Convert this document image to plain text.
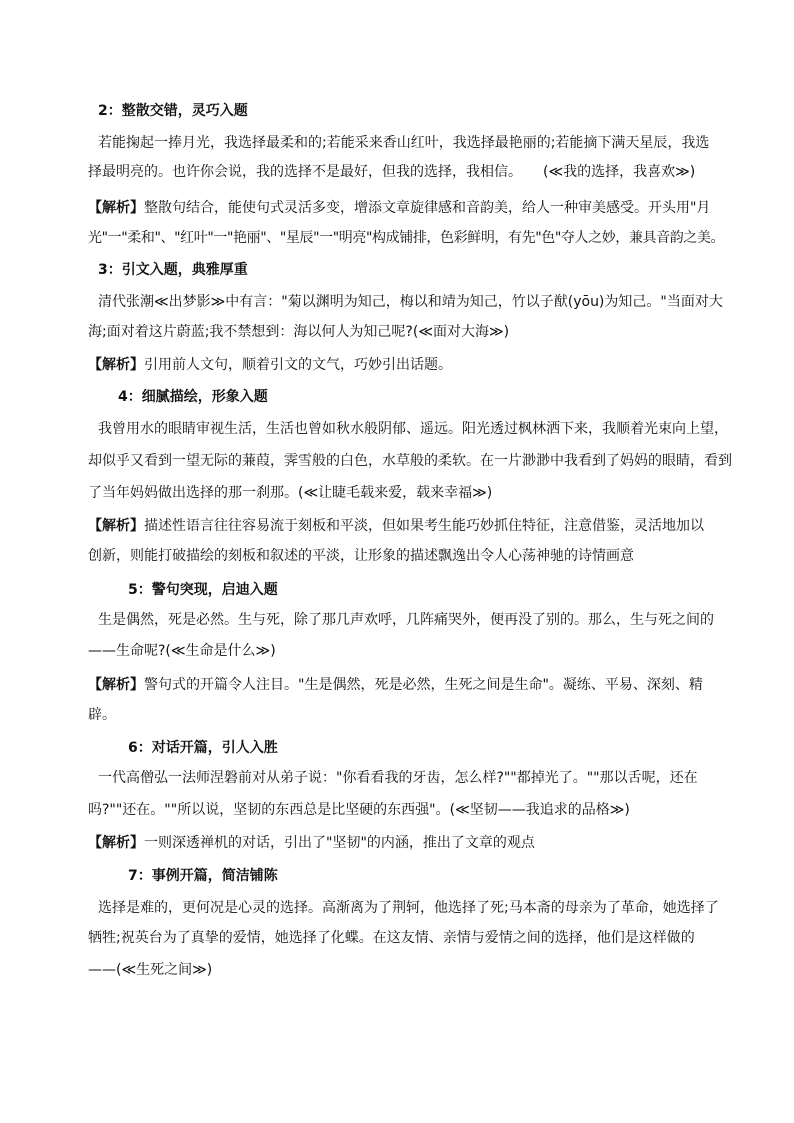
2：整散交错，灵巧入题
若能掬起一捧月光，我选择最柔和的;若能采来香山红叶，我选择最艳丽的;若能摘下满天星辰，我选
择最明亮的。也许你会说，我的选择不是最好，但我的选择，我相信。　　(≪我的选择，我喜欢≫)
【解析】整散句结合，能使句式灵活多变，增添文章旋律感和音韵美，给人一种审美感受。开头用"月
光"一"柔和"、"红叶"一"艳丽"、"星辰"一"明亮"构成铺排，色彩鲜明，有先"色"夺人之妙，兼具音韵之美。
3：引文入题，典雅厚重
清代张潮≪出梦影≫中有言："菊以渊明为知己，梅以和靖为知己，竹以子猷(yōu)为知己。"当面对大
海;面对着这片蔚蓝;我不禁想到：海以何人为知己呢?(≪面对大海≫)
【解析】引用前人文句，顺着引文的文气，巧妙引出话题。
4：细腻描绘，形象入题
我曾用水的眼睛审视生活，生活也曾如秋水般阴郁、遥远。阳光透过枫林洒下来，我顺着光束向上望，
却似乎又看到一望无际的蒹葭，霁雪般的白色，水草般的柔软。在一片渺渺中我看到了妈妈的眼睛，看到
了当年妈妈做出选择的那一刹那。(≪让睫毛载来爱，载来幸福≫)
【解析】描述性语言往往容易流于刻板和平淡，但如果考生能巧妙抓住特征，注意借鉴，灵活地加以
创新，则能打破描绘的刻板和叙述的平淡，让形象的描述飘逸出令人心荡神驰的诗情画意
5：警句突现，启迪入题
生是偶然，死是必然。生与死，除了那几声欢呼，几阵痛哭外，便再没了别的。那么，生与死之间的
——生命呢?(≪生命是什么≫)
【解析】警句式的开篇令人注目。"生是偶然，死是必然，生死之间是生命"。凝练、平易、深刻、精
辟。
6：对话开篇，引人入胜
一代高僧弘一法师涅磐前对从弟子说："你看看我的牙齿，怎么样?""都掉光了。""那以舌呢，还在
吗?""还在。""所以说，坚韧的东西总是比坚硬的东西强"。(≪坚韧——我追求的品格≫)
【解析】一则深透禅机的对话，引出了"坚韧"的内涵，推出了文章的观点
7：事例开篇，简洁铺陈
选择是难的，更何况是心灵的选择。高渐离为了荆轲，他选择了死;马本斋的母亲为了革命，她选择了
牺牲;祝英台为了真挚的爱情，她选择了化蝶。在这友情、亲情与爱情之间的选择，他们是这样做的
——(≪生死之间≫)
